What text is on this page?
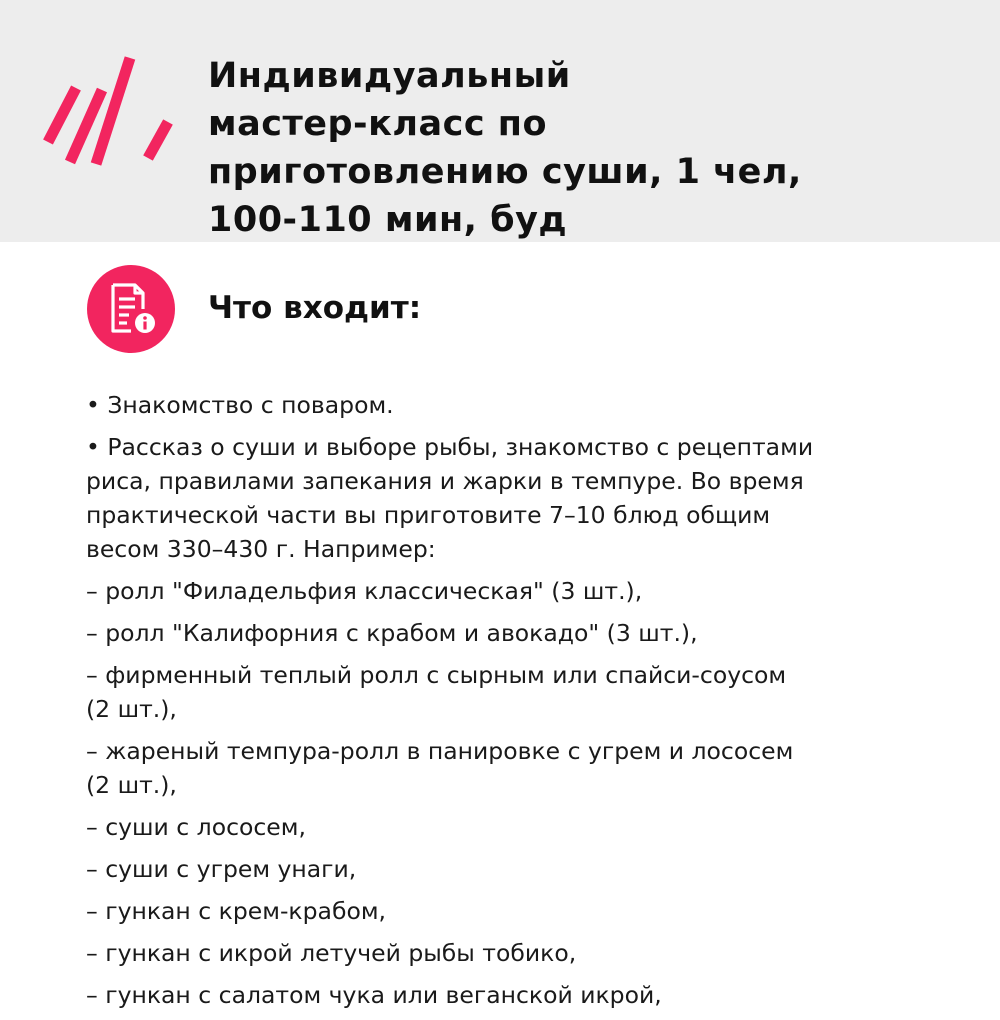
Индивидуальный
мастер-класс по
приготовлению суши, 1 чел,
100-110 мин, буд
Что входит:

• Знакомство с поваром.

• Рассказ о суши и выборе рыбы, знакомство с рецептами
риса, правилами запекания и жарки в темпуре. Во время
практической части вы приготовите 7–10 блюд общим
весом 330–430 г. Например:

– ролл "Филадельфия классическая" (3 шт.),

– ролл "Калифорния с крабом и авокадо" (3 шт.),

– фирменный теплый ролл с сырным или спайси-соусом
(2 шт.),

– жареный темпура-ролл в панировке с угрем и лососем
(2 шт.),

– суши с лососем,

– суши с угрем унаги,

– гункан с крем-крабом,

– гункан с икрой летучей рыбы тобико,

– гункан с салатом чука или веганской икрой,
